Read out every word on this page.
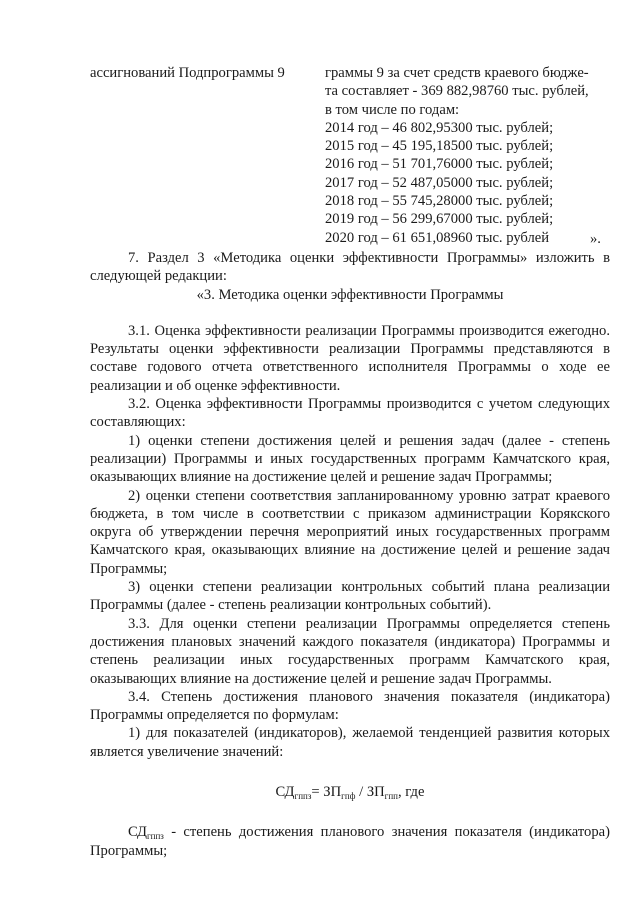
ассигнований Подпрограммы 9	граммы 9 за счет средств краевого бюдже-
та составляет - 369 882,98760 тыс. рублей,
в том числе по годам:
2014 год – 46 802,95300 тыс. рублей;
2015 год – 45 195,18500 тыс. рублей;
2016 год – 51 701,76000 тыс. рублей;
2017 год – 52 487,05000 тыс. рублей;
2018 год – 55 745,28000 тыс. рублей;
2019 год – 56 299,67000 тыс. рублей;
2020 год – 61 651,08960 тыс. рублей	».

7. Раздел 3 «Методика оценки эффективности Программы» изложить в следующей редакции:

«3. Методика оценки эффективности Программы

3.1. Оценка эффективности реализации Программы производится ежегодно. Результаты оценки эффективности реализации Программы представляются в составе годового отчета ответственного исполнителя Программы о ходе ее реализации и об оценке эффективности.

3.2. Оценка эффективности Программы производится с учетом следующих составляющих:

1) оценки степени достижения целей и решения задач (далее - степень реализации) Программы и иных государственных программ Камчатского края, оказывающих влияние на достижение целей и решение задач Программы;

2) оценки степени соответствия запланированному уровню затрат краевого бюджета, в том числе в соответствии с приказом администрации Корякского округа об утверждении перечня мероприятий иных государственных программ Камчатского края, оказывающих влияние на достижение целей и решение задач Программы;

3) оценки степени реализации контрольных событий плана реализации Программы (далее - степень реализации контрольных событий).

3.3. Для оценки степени реализации Программы определяется степень достижения плановых значений каждого показателя (индикатора) Программы и степень реализации иных государственных программ Камчатского края, оказывающих влияние на достижение целей и решение задач Программы.

3.4. Степень достижения планового значения показателя (индикатора) Программы определяется по формулам:

1) для показателей (индикаторов), желаемой тенденцией развития которых является увеличение значений:

$СД_{гппз}= ЗП_{гпф} / ЗП_{гпп}$, где

$СД_{гппз}$ - степень достижения планового значения показателя (индикатора) Программы;
